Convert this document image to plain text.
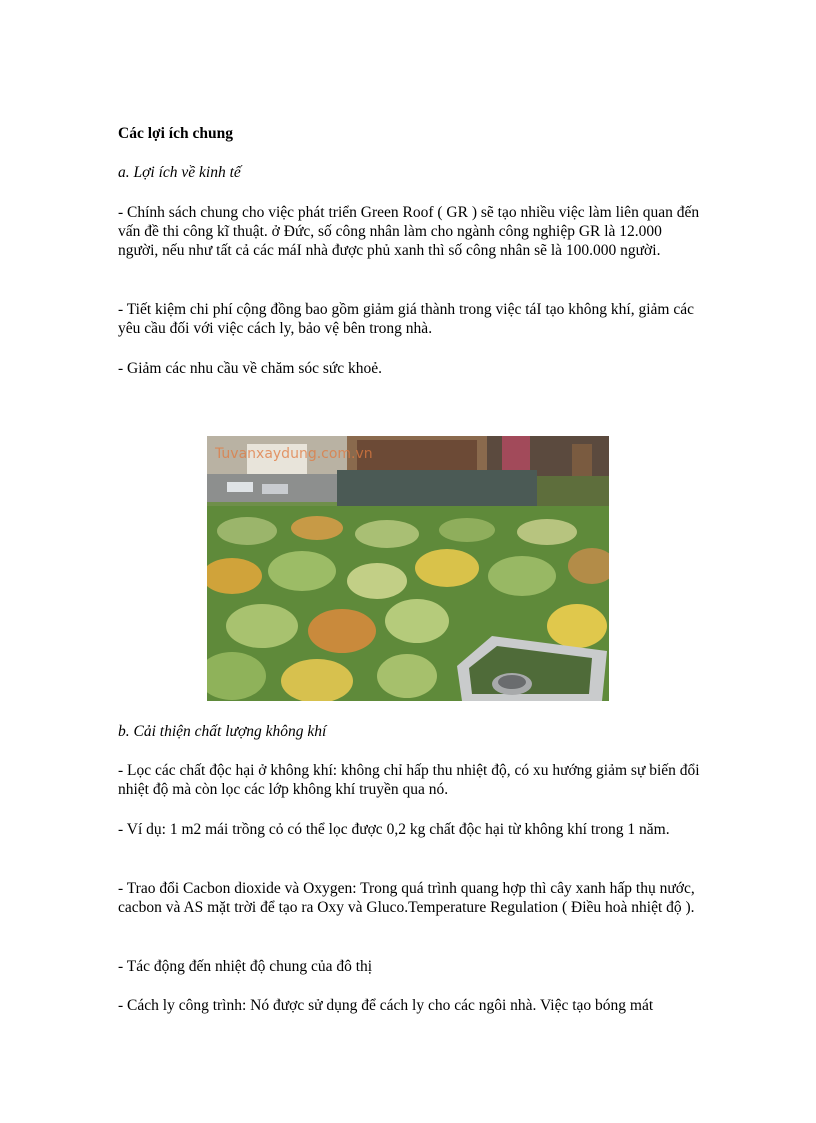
Các lợi ích chung

a. Lợi ích về kinh tế

- Chính sách chung cho việc phát triển Green Roof ( GR ) sẽ tạo nhiều việc làm liên quan đến vấn đề thi công kĩ thuật. ở Đức, số công nhân làm cho ngành công nghiệp GR là 12.000 người, nếu như tất cả các máI nhà được phủ xanh thì số công nhân sẽ là 100.000 người.

- Tiết kiệm chi phí cộng đồng bao gồm giảm giá thành trong việc táI tạo không khí, giảm các yêu cầu đối với việc cách ly, bảo vệ bên trong nhà.

- Giảm các nhu cầu về chăm sóc sức khoẻ.

Tuvanxaydung.com.vn

b. Cải thiện chất lượng không khí

- Lọc các chất độc hại ở không khí: không chỉ hấp thu nhiệt độ, có xu hướng giảm sự biến đổi nhiệt độ mà còn lọc các lớp không khí truyền qua nó.

- Ví dụ: 1 m2 mái trồng cỏ có thể lọc được 0,2 kg chất độc hại từ không khí trong 1 năm.

- Trao đổi Cacbon dioxide và Oxygen: Trong quá trình quang hợp thì cây xanh hấp thụ nước, cacbon và AS mặt trời để tạo ra Oxy và Gluco.Temperature Regulation ( Điều hoà nhiệt độ ).

- Tác động đến nhiệt độ chung của đô thị

- Cách ly công trình: Nó được sử dụng để cách ly cho các ngôi nhà. Việc tạo bóng mát
